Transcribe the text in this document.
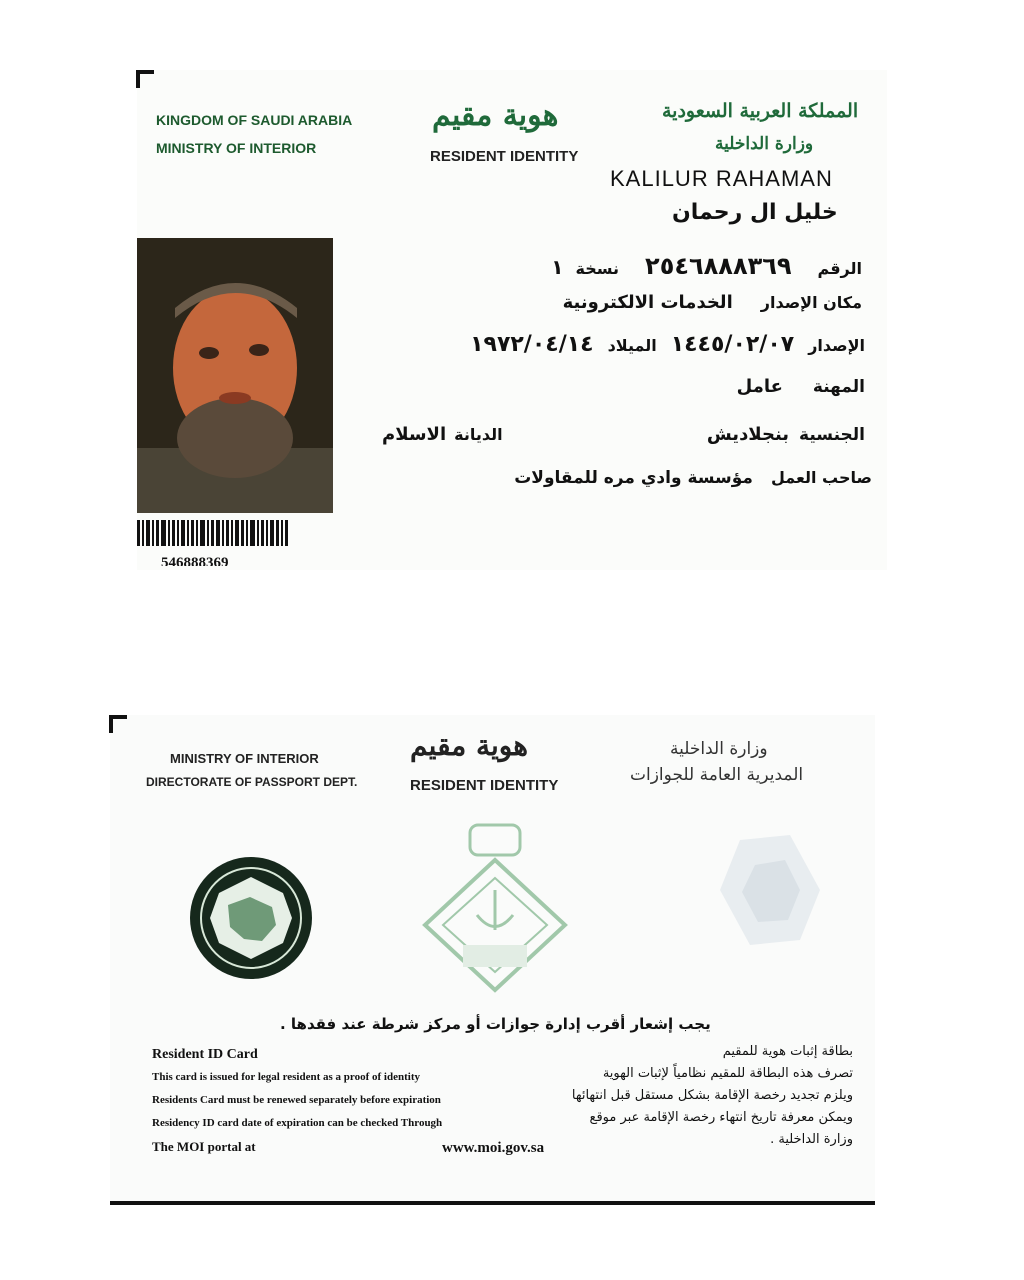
KINGDOM OF SAUDI ARABIA
MINISTRY OF INTERIOR
هوية مقيم
RESIDENT IDENTITY
المملكة العربية السعودية
وزارة الداخلية
KALILUR RAHAMAN
خليل ال رحمان
546888369
الرقم
٢٥٤٦٨٨٨٣٦٩
نسخة
١
مكان الإصدار
الخدمات الالكترونية
الإصدار
١٤٤٥/٠٢/٠٧
الميلاد
١٩٧٢/٠٤/١٤
المهنة
عامل
الجنسية
بنجلاديش
الديانة
الاسلام
صاحب العمل
مؤسسة وادي مره للمقاولات
MINISTRY OF INTERIOR
DIRECTORATE OF PASSPORT DEPT.
هوية مقيم
RESIDENT IDENTITY
وزارة الداخلية
المديرية العامة للجوازات
يجب إشعار أقرب إدارة جوازات أو مركز شرطة عند فقدها .
Resident ID Card
This card is issued for legal resident as a proof of identity
Residents Card must be renewed separately before expiration
Residency ID card date of expiration can be checked Through
The MOI portal at	www.moi.gov.sa
بطاقة إثبات هوية للمقيم
تصرف هذه البطاقة للمقيم نظامياً لإثبات الهوية
ويلزم تجديد رخصة الإقامة بشكل مستقل قبل انتهائها
ويمكن معرفة تاريخ انتهاء رخصة الإقامة عبر موقع
وزارة الداخلية .
